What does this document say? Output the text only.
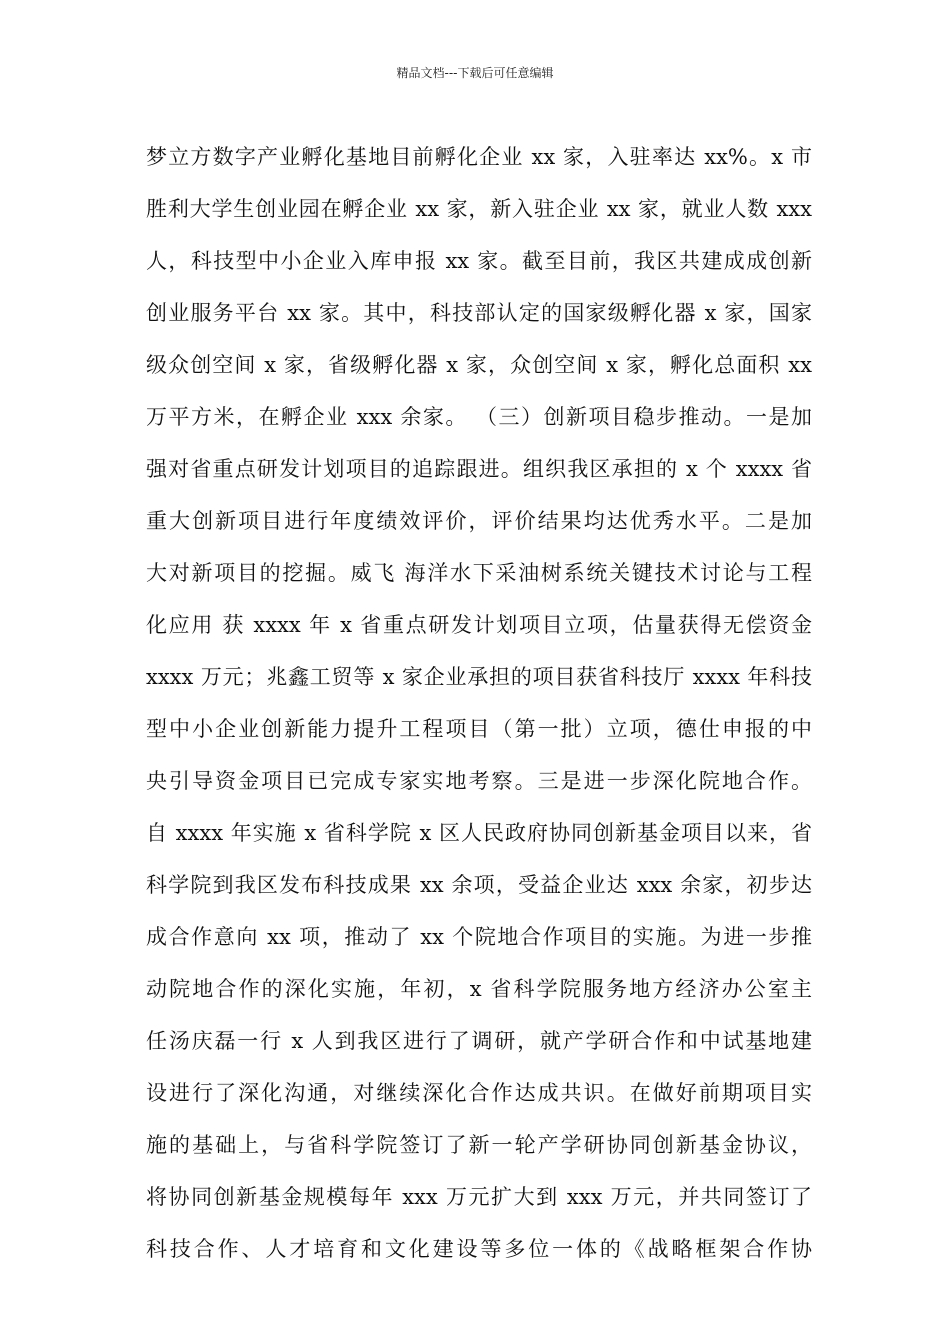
精品文档---下载后可任意编辑
梦立方数字产业孵化基地目前孵化企业 xx 家，入驻率达 xx%。x 市
胜利大学生创业园在孵企业 xx 家，新入驻企业 xx 家，就业人数 xxx
人，科技型中小企业入库申报 xx 家。截至目前，我区共建成成创新
创业服务平台 xx 家。其中，科技部认定的国家级孵化器 x 家，国家
级众创空间 x 家，省级孵化器 x 家，众创空间 x 家，孵化总面积 xx
万平方米，在孵企业 xxx 余家。 （三）创新项目稳步推动。一是加
强对省重点研发计划项目的追踪跟进。组织我区承担的 x 个 xxxx 省
重大创新项目进行年度绩效评价，评价结果均达优秀水平。二是加
大对新项目的挖掘。威飞 海洋水下采油树系统关键技术讨论与工程
化应用 获 xxxx 年 x 省重点研发计划项目立项，估量获得无偿资金
xxxx 万元；兆鑫工贸等 x 家企业承担的项目获省科技厅 xxxx 年科技
型中小企业创新能力提升工程项目（第一批）立项，德仕申报的中
央引导资金项目已完成专家实地考察。三是进一步深化院地合作。
自 xxxx 年实施 x 省科学院 x 区人民政府协同创新基金项目以来，省
科学院到我区发布科技成果 xx 余项，受益企业达 xxx 余家，初步达
成合作意向 xx 项，推动了 xx 个院地合作项目的实施。为进一步推
动院地合作的深化实施，年初，x 省科学院服务地方经济办公室主
任汤庆磊一行 x 人到我区进行了调研，就产学研合作和中试基地建
设进行了深化沟通，对继续深化合作达成共识。在做好前期项目实
施的基础上，与省科学院签订了新一轮产学研协同创新基金协议，
将协同创新基金规模每年 xxx 万元扩大到 xxx 万元，并共同签订了
科技合作、人才培育和文化建设等多位一体的《战略框架合作协
